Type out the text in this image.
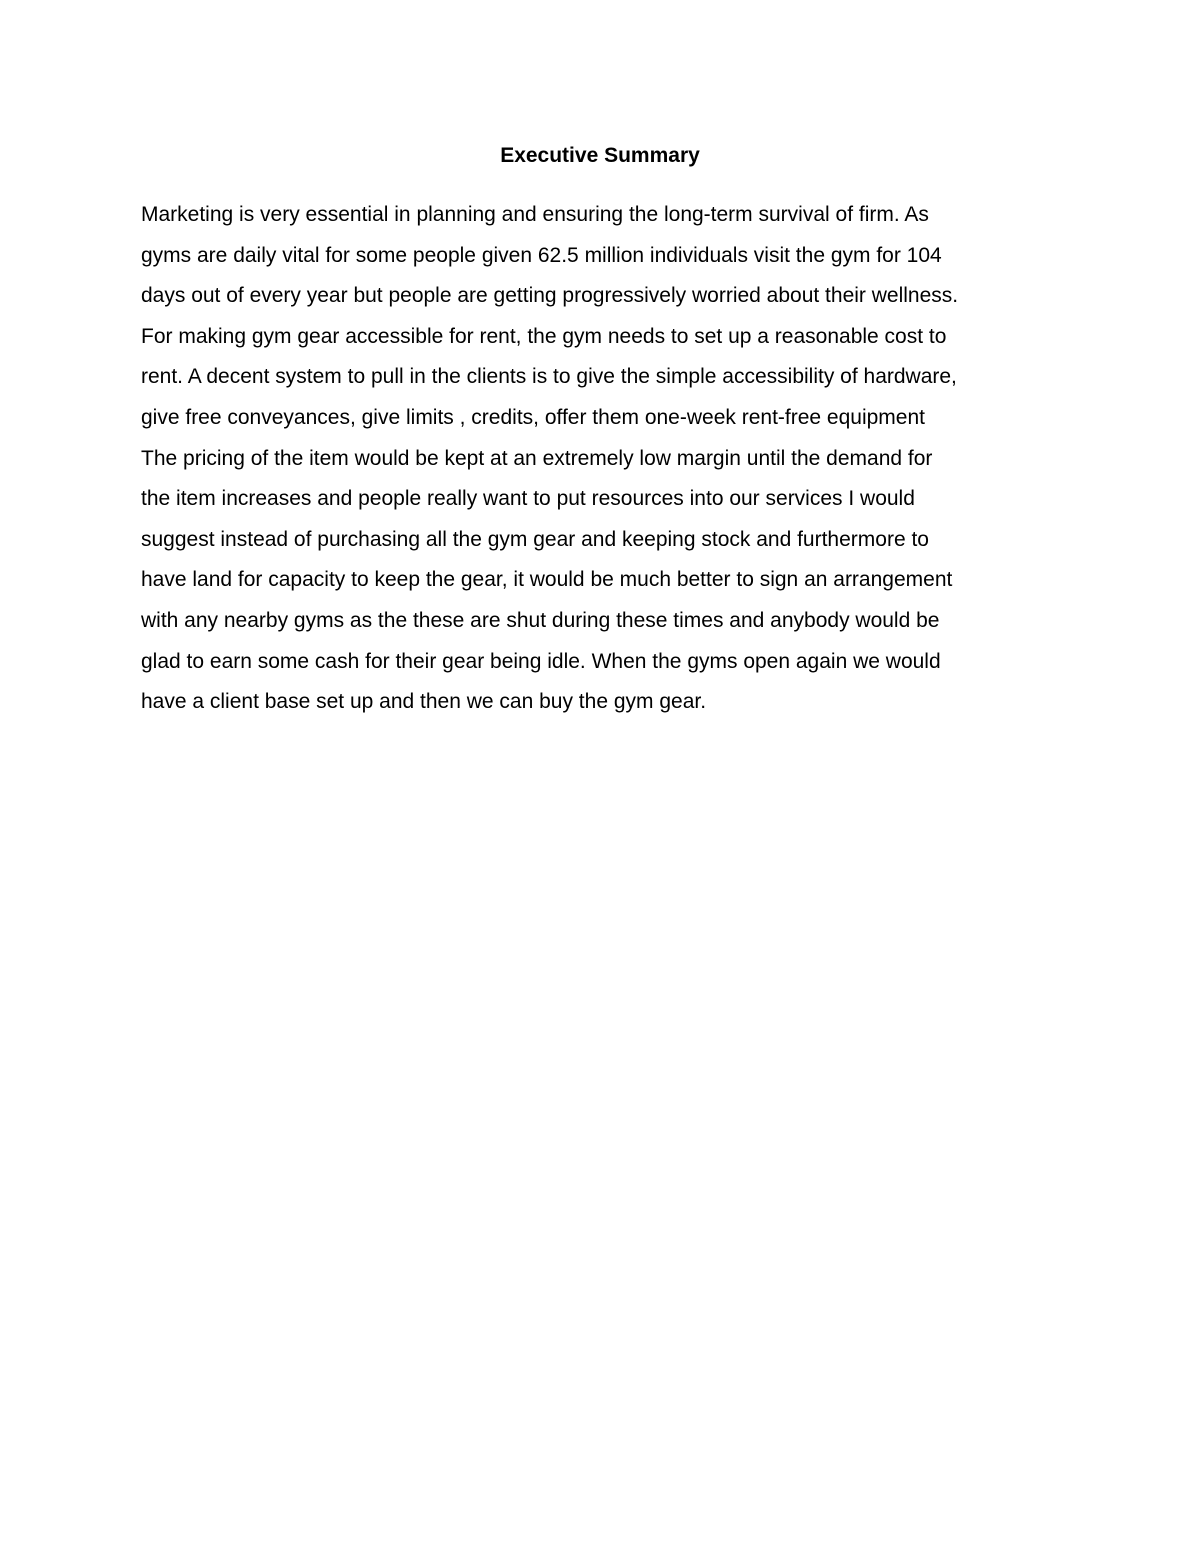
Executive Summary
Marketing is very essential in planning and ensuring the long-term survival of firm. As
gyms are daily vital for some people given 62.5 million individuals visit the gym for 104
days out of every year but people are getting progressively worried about their wellness.
For making gym gear accessible for rent, the gym needs to set up a reasonable cost to
rent. A decent system to pull in the clients is to give the simple accessibility of hardware,
give free conveyances, give limits , credits, offer them one-week rent-free equipment
The pricing of the item would be kept at an extremely low margin until the demand for
the item increases and people really want to put resources into our services I would
suggest instead of purchasing all the gym gear and keeping stock and furthermore to
have land for capacity to keep the gear, it would be much better to sign an arrangement
with any nearby gyms as the these are shut during these times and anybody would be
glad to earn some cash for their gear being idle. When the gyms open again we would
have a client base set up and then we can buy the gym gear.
